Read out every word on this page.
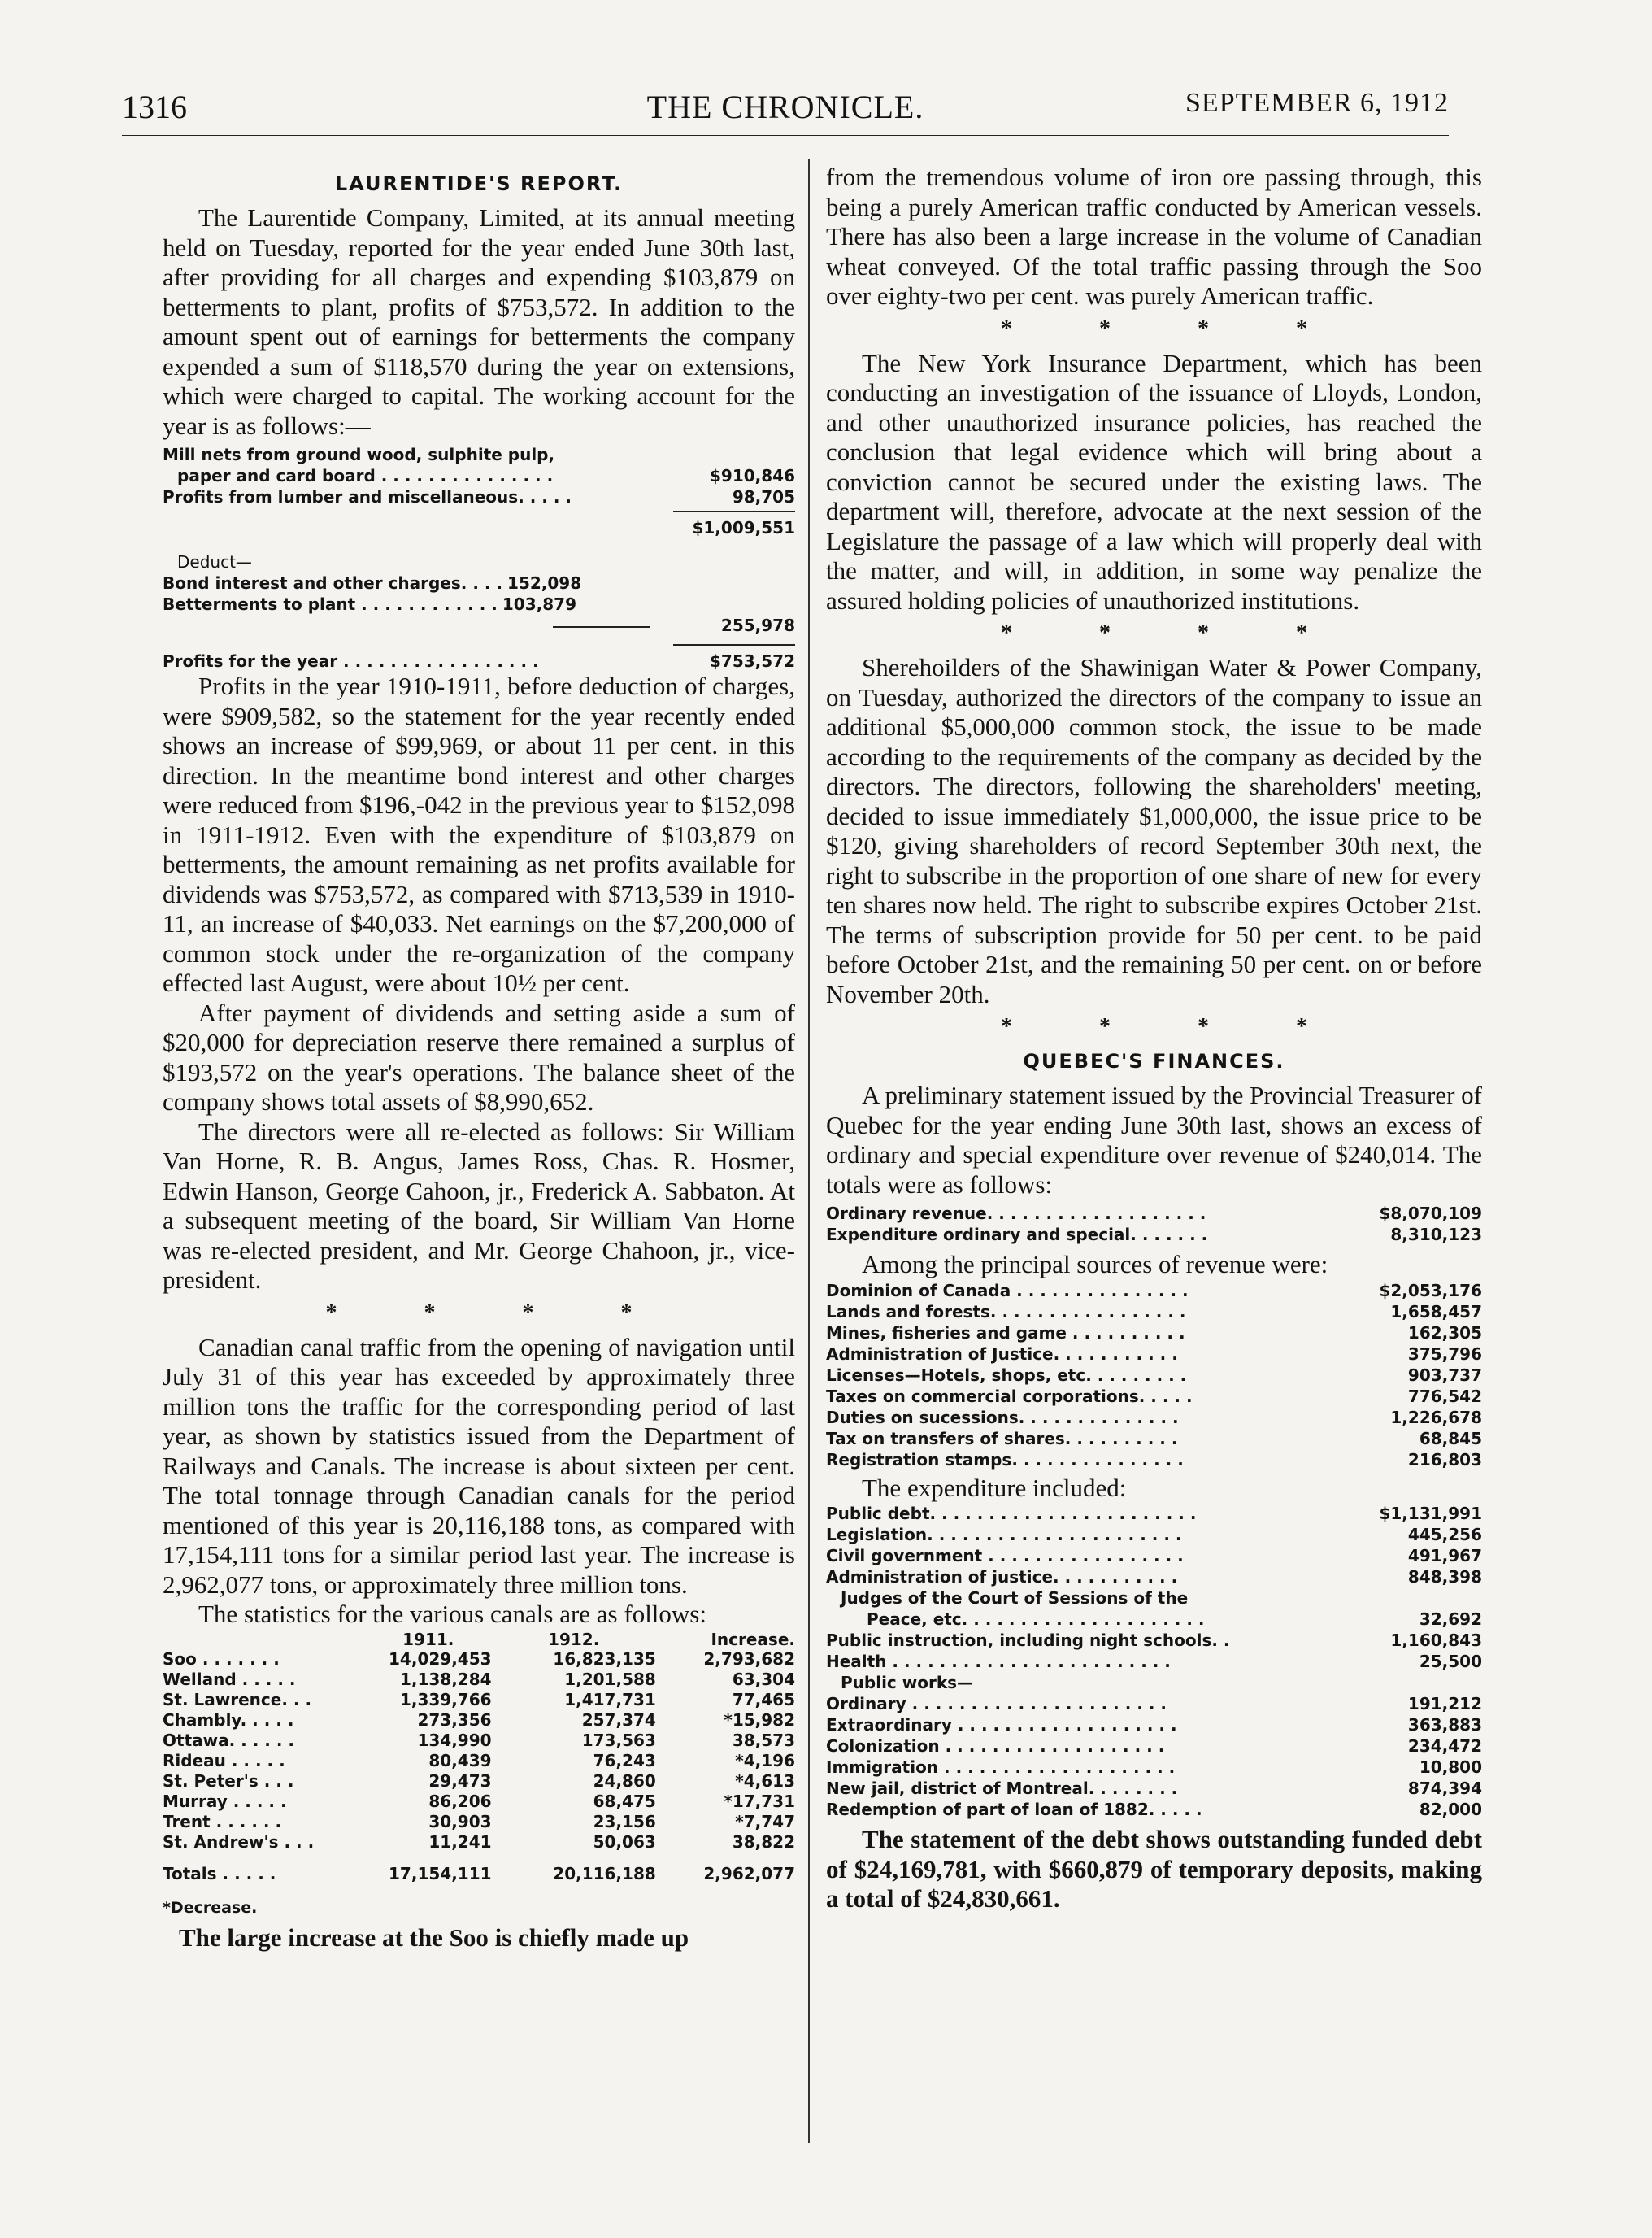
1316	THE CHRONICLE.	SEPTEMBER 6, 1912
LAURENTIDE'S REPORT.

The Laurentide Company, Limited, at its annual meeting held on Tuesday, reported for the year ended June 30th last, after providing for all charges and expending $103,879 on betterments to plant, profits of $753,572. In addition to the amount spent out of earnings for betterments the company expended a sum of $118,570 during the year on extensions, which were charged to capital. The working account for the year is as follows:—

Mill nets from ground wood, sulphite pulp,
paper and card board . . . . . . . . . . . . . . .	$910,846
Profits from lumber and miscellaneous. . . . .	98,705
$1,009,551
Deduct—
Bond interest and other charges. . . . 152,098
Betterments to plant . . . . . . . . . . . . 103,879
255,978
Profits for the year . . . . . . . . . . . . . . . . .	$753,572

Profits in the year 1910-1911, before deduction of charges, were $909,582, so the statement for the year recently ended shows an increase of $99,969, or about 11 per cent. in this direction. In the meantime bond interest and other charges were reduced from $196,-042 in the previous year to $152,098 in 1911-1912. Even with the expenditure of $103,879 on betterments, the amount remaining as net profits available for dividends was $753,572, as compared with $713,539 in 1910-11, an increase of $40,033. Net earnings on the $7,200,000 of common stock under the re-organization of the company effected last August, were about 10½ per cent.

After payment of dividends and setting aside a sum of $20,000 for depreciation reserve there remained a surplus of $193,572 on the year's operations. The balance sheet of the company shows total assets of $8,990,652.

The directors were all re-elected as follows: Sir William Van Horne, R. B. Angus, James Ross, Chas. R. Hosmer, Edwin Hanson, George Cahoon, jr., Frederick A. Sabbaton. At a subsequent meeting of the board, Sir William Van Horne was re-elected president, and Mr. George Chahoon, jr., vice-president.

* * * *

Canadian canal traffic from the opening of navigation until July 31 of this year has exceeded by approximately three million tons the traffic for the corresponding period of last year, as shown by statistics issued from the Department of Railways and Canals. The increase is about sixteen per cent. The total tonnage through Canadian canals for the period mentioned of this year is 20,116,188 tons, as compared with 17,154,111 tons for a similar period last year. The increase is 2,962,077 tons, or approximately three million tons.

The statistics for the various canals are as follows:

	1911.	1912.	Increase.
Soo . . . . . . .	14,029,453	16,823,135	2,793,682
Welland . . . . .	1,138,284	1,201,588	63,304
St. Lawrence. . .	1,339,766	1,417,731	77,465
Chambly. . . . .	273,356	257,374	*15,982
Ottawa. . . . . .	134,990	173,563	38,573
Rideau . . . . .	80,439	76,243	*4,196
St. Peter's . . .	29,473	24,860	*4,613
Murray . . . . .	86,206	68,475	*17,731
Trent . . . . . .	30,903	23,156	*7,747
St. Andrew's . . .	11,241	50,063	38,822
Totals . . . . .	17,154,111	20,116,188	2,962,077
*Decrease.
The large increase at the Soo is chiefly made up

from the tremendous volume of iron ore passing through, this being a purely American traffic conducted by American vessels. There has also been a large increase in the volume of Canadian wheat conveyed. Of the total traffic passing through the Soo over eighty-two per cent. was purely American traffic.

* * * *

The New York Insurance Department, which has been conducting an investigation of the issuance of Lloyds, London, and other unauthorized insurance policies, has reached the conclusion that legal evidence which will bring about a conviction cannot be secured under the existing laws. The department will, therefore, advocate at the next session of the Legislature the passage of a law which will properly deal with the matter, and will, in addition, in some way penalize the assured holding policies of unauthorized institutions.

* * * *

Sherehoilders of the Shawinigan Water & Power Company, on Tuesday, authorized the directors of the company to issue an additional $5,000,000 common stock, the issue to be made according to the requirements of the company as decided by the directors. The directors, following the shareholders' meeting, decided to issue immediately $1,000,000, the issue price to be $120, giving shareholders of record September 30th next, the right to subscribe in the proportion of one share of new for every ten shares now held. The right to subscribe expires October 21st. The terms of subscription provide for 50 per cent. to be paid before October 21st, and the remaining 50 per cent. on or before November 20th.

* * * *
QUEBEC'S FINANCES.

A preliminary statement issued by the Provincial Treasurer of Quebec for the year ending June 30th last, shows an excess of ordinary and special expenditure over revenue of $240,014. The totals were as follows:

Ordinary revenue. . . . . . . . . . . . . . . . . . .	$8,070,109
Expenditure ordinary and special. . . . . . .	8,310,123

Among the principal sources of revenue were:

Dominion of Canada . . . . . . . . . . . . . . .	$2,053,176
Lands and forests. . . . . . . . . . . . . . . . .	1,658,457
Mines, fisheries and game . . . . . . . . . .	162,305
Administration of Justice. . . . . . . . . . .	375,796
Licenses—Hotels, shops, etc. . . . . . . . .	903,737
Taxes on commercial corporations. . . . .	776,542
Duties on sucessions. . . . . . . . . . . . . .	1,226,678
Tax on transfers of shares. . . . . . . . . .	68,845
Registration stamps. . . . . . . . . . . . . . .	216,803

The expenditure included:

Public debt. . . . . . . . . . . . . . . . . . . . . . .	$1,131,991
Legislation. . . . . . . . . . . . . . . . . . . . . .	445,256
Civil government . . . . . . . . . . . . . . . . .	491,967
Administration of justice. . . . . . . . . . .	848,398
Judges of the Court of Sessions of the
Peace, etc. . . . . . . . . . . . . . . . . . . . .	32,692
Public instruction, including night schools. .	1,160,843
Health . . . . . . . . . . . . . . . . . . . . . . . .	25,500
Public works—
Ordinary . . . . . . . . . . . . . . . . . . . . . .	191,212
Extraordinary . . . . . . . . . . . . . . . . . . .	363,883
Colonization . . . . . . . . . . . . . . . . . . .	234,472
Immigration . . . . . . . . . . . . . . . . . . . .	10,800
New jail, district of Montreal. . . . . . . .	874,394
Redemption of part of loan of 1882. . . . .	82,000

The statement of the debt shows outstanding funded debt of $24,169,781, with $660,879 of temporary deposits, making a total of $24,830,661.
